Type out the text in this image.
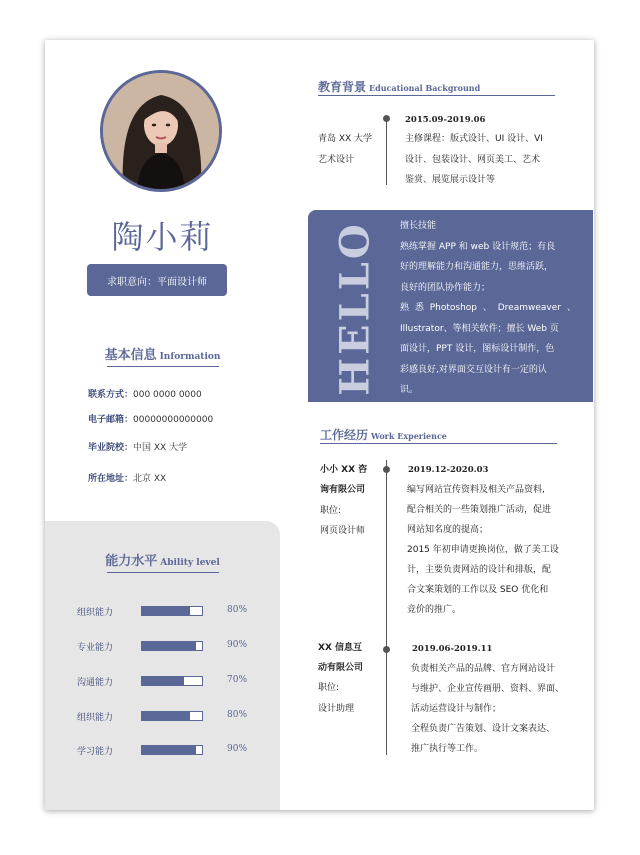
陶小莉
求职意向：平面设计师
基本信息 Information
联系方式：000 0000 0000
电子邮箱：00000000000000
毕业院校：中国 XX 大学
所在地址：北京 XX
能力水平 Ability level
组织能力	80%
专业能力	90%
沟通能力	70%
组织能力	80%
学习能力	90%
教育背景 Educational Background
青岛 XX 大学
艺术设计
2015.09-2019.06
主修课程：版式设计、UI 设计、VI
设计、包装设计、网页美工、艺术
鉴赏、展览展示设计等
HELLO 擅长技能
熟练掌握 APP 和 web 设计规范；有良
好的理解能力和沟通能力，思维活跃，
良好的团队协作能力；
熟 悉 Photoshop 、 Dreamweaver 、
Illustrator、等相关软件；擅长 Web 页
面设计，PPT 设计，图标设计制作，色
彩感良好,对界面交互设计有一定的认
识。
工作经历 Work Experience
小小 XX 咨
询有限公司
职位:
网页设计师
2019.12-2020.03
编写网站宣传资料及相关产品资料,
配合相关的一些策划推广活动，促进
网站知名度的提高；
2015 年初申请更换岗位，做了美工设
计，主要负责网站的设计和排版，配
合文案策划的工作以及 SEO 优化和
竞价的推广。
XX 信息互
动有限公司
职位:
设计助理
2019.06-2019.11
负责相关产品的品牌、官方网站设计
与维护、企业宣传画册、资料、界面、
活动运营设计与制作；
全程负责广告策划、设计文案表达、
推广执行等工作。
